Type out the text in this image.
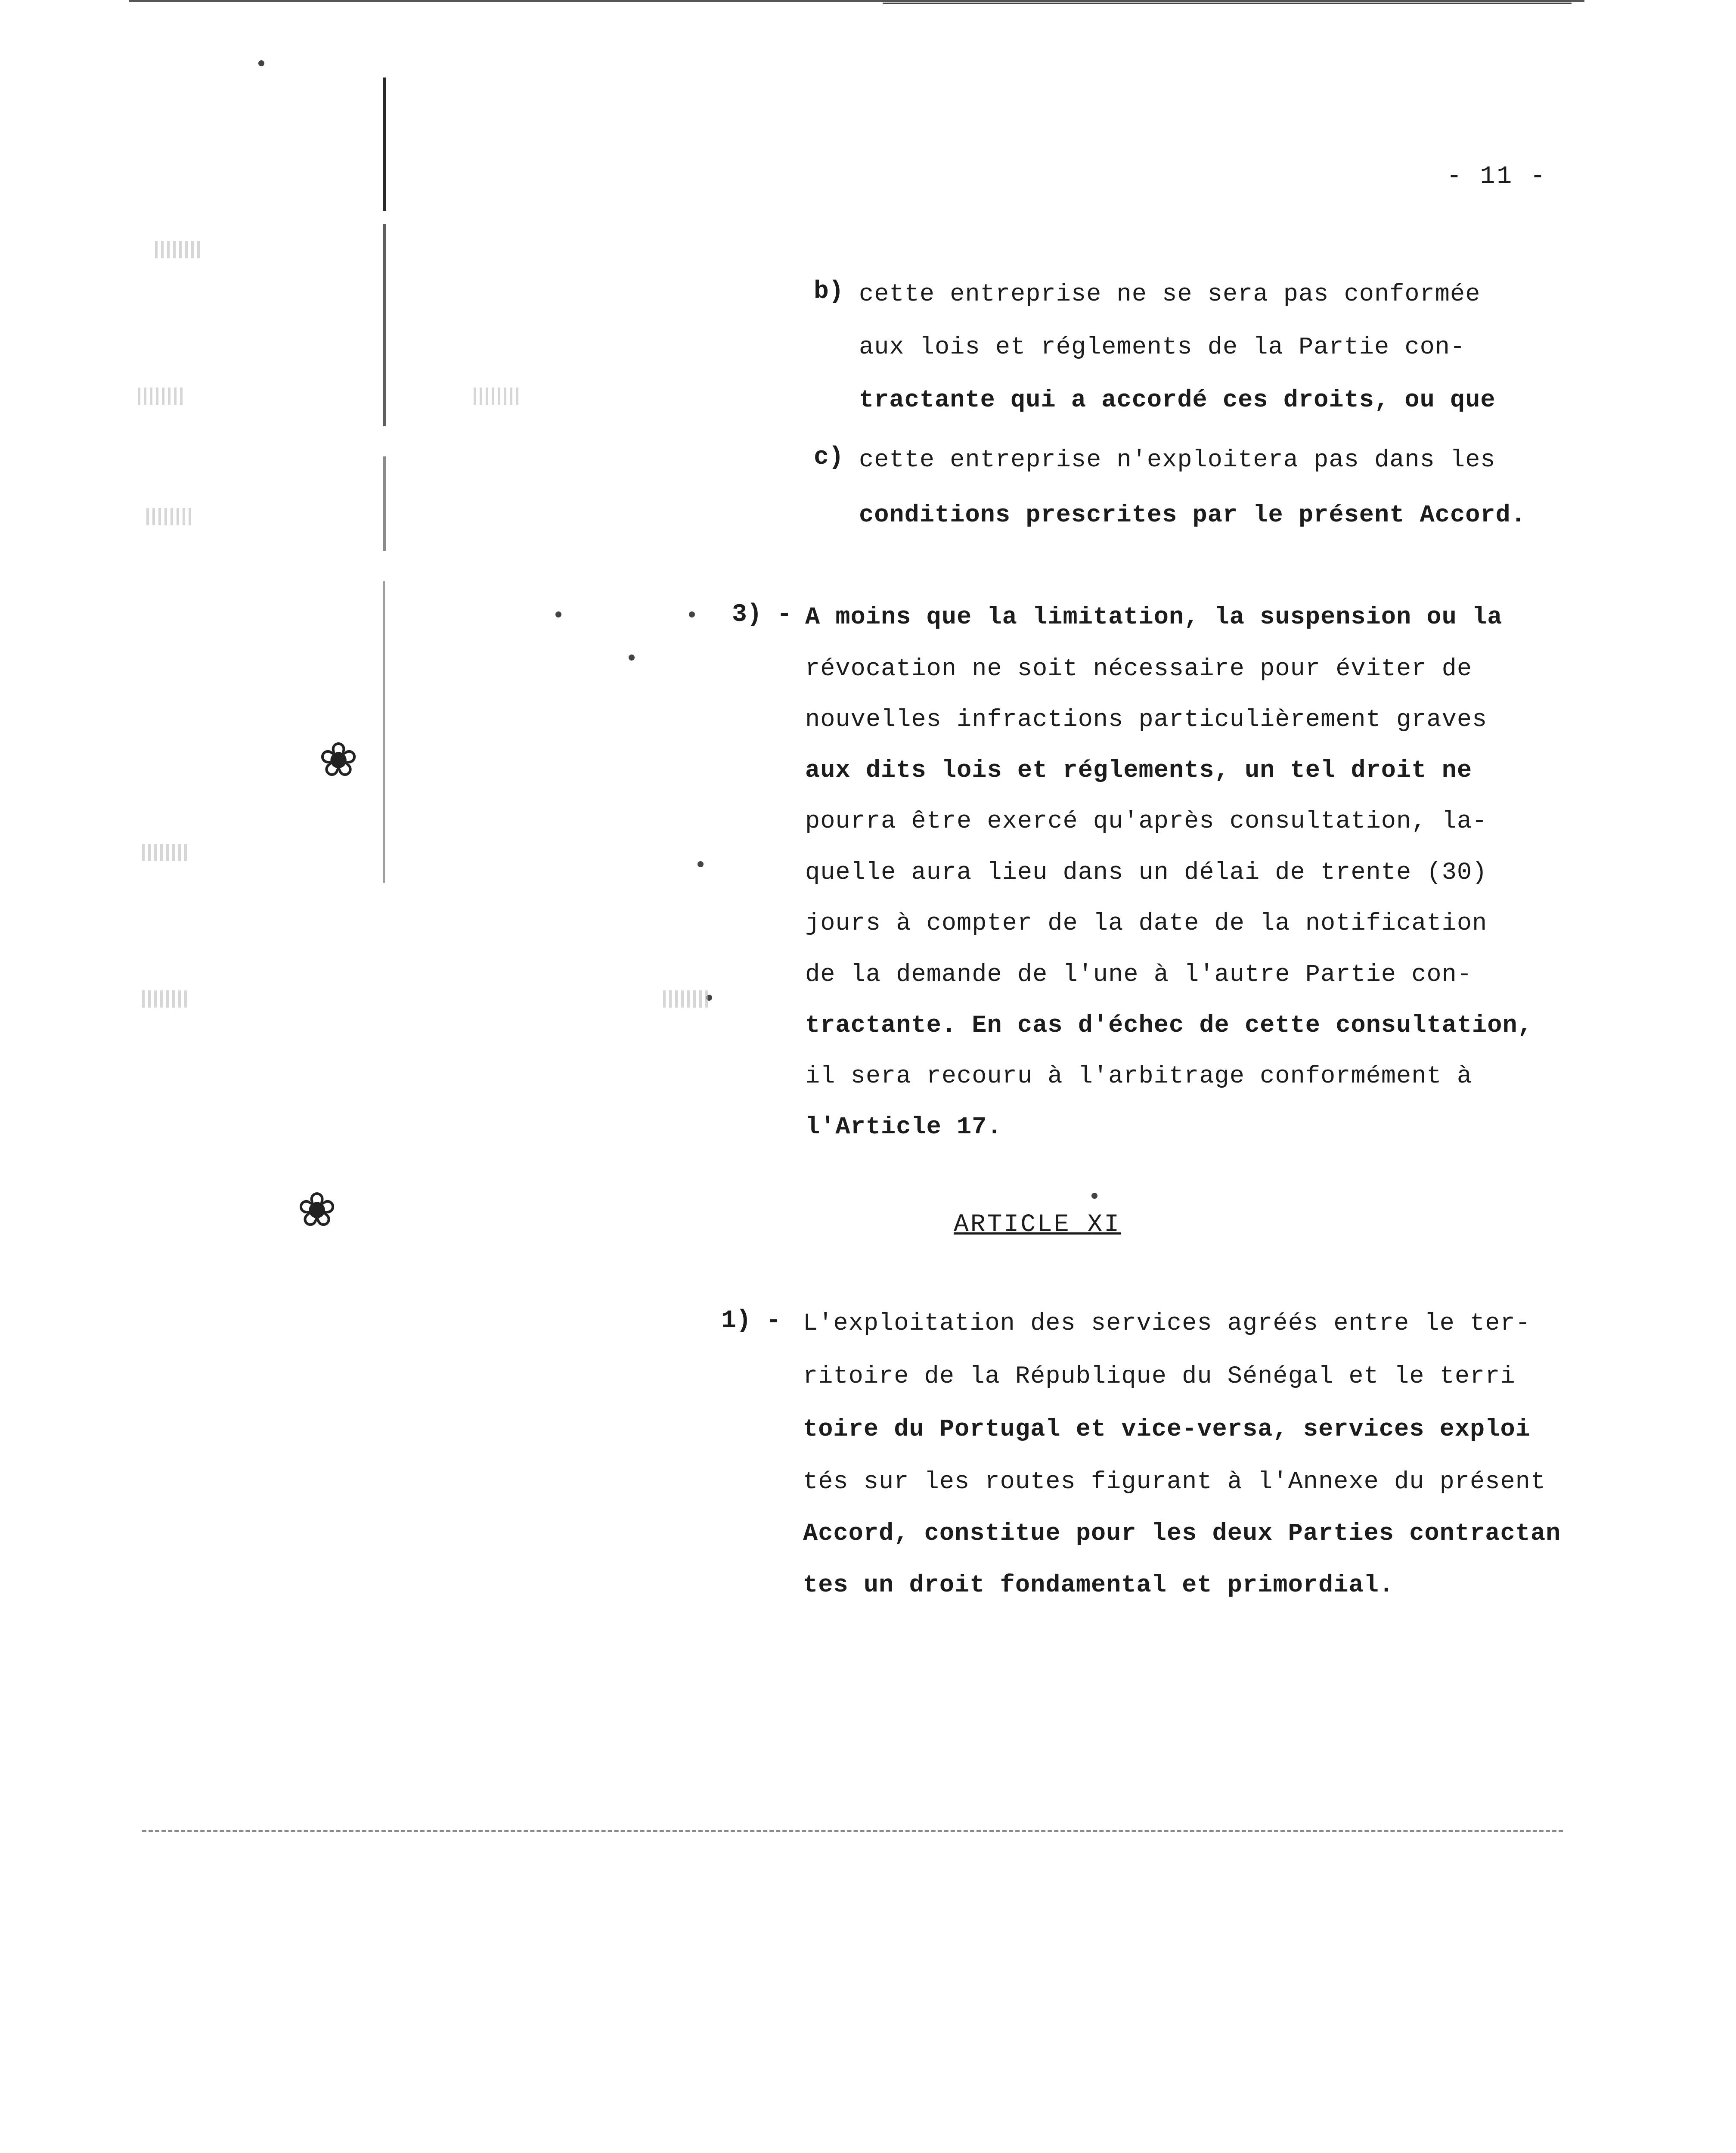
❀
❀
- 11 -
b) cette entreprise ne se sera pas conformée
aux lois et réglements de la Partie con-
tractante qui a accordé ces droits, ou que
c) cette entreprise n'exploitera pas dans les
conditions prescrites par le présent Accord.
3) - A moins que la limitation, la suspension ou la
révocation ne soit nécessaire pour éviter de
nouvelles infractions particulièrement graves
aux dits lois et réglements, un tel droit ne
pourra être exercé qu'après consultation, la-
quelle aura lieu dans un délai de trente (30)
jours à compter de la date de la notification
de la demande de l'une à l'autre Partie con-
tractante. En cas d'échec de cette consultation,
il sera recouru à l'arbitrage conformément à
l'Article 17.
ARTICLE XI
1) - L'exploitation des services agréés entre le ter-
ritoire de la République du Sénégal et le terri
toire du Portugal et vice-versa, services exploi
tés sur les routes figurant à l'Annexe du présent
Accord, constitue pour les deux Parties contractan
tes un droit fondamental et primordial.
